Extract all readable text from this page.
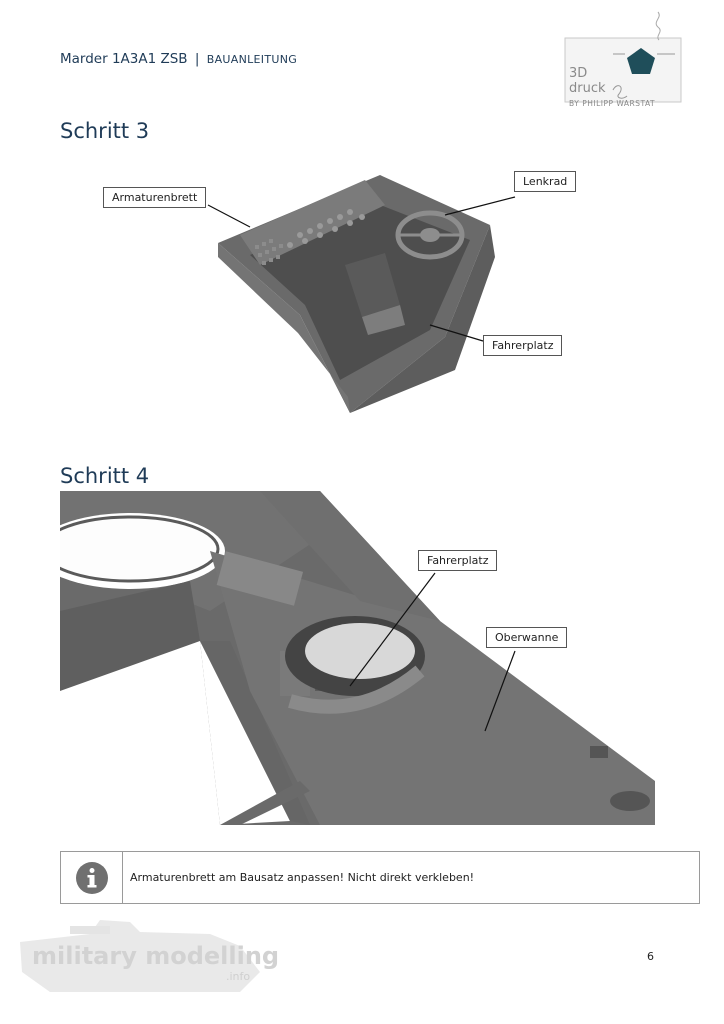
Marder 1A3A1 ZSB | BAUANLEITUNG
3D
druck
BY PHILIPP WARSTAT
Schritt 3
Armaturenbrett
Lenkrad
Fahrerplatz
Schritt 4
Fahrerplatz
Oberwanne
Armaturenbrett am Bausatz anpassen! Nicht direkt verkleben!
military modelling
.info
6
